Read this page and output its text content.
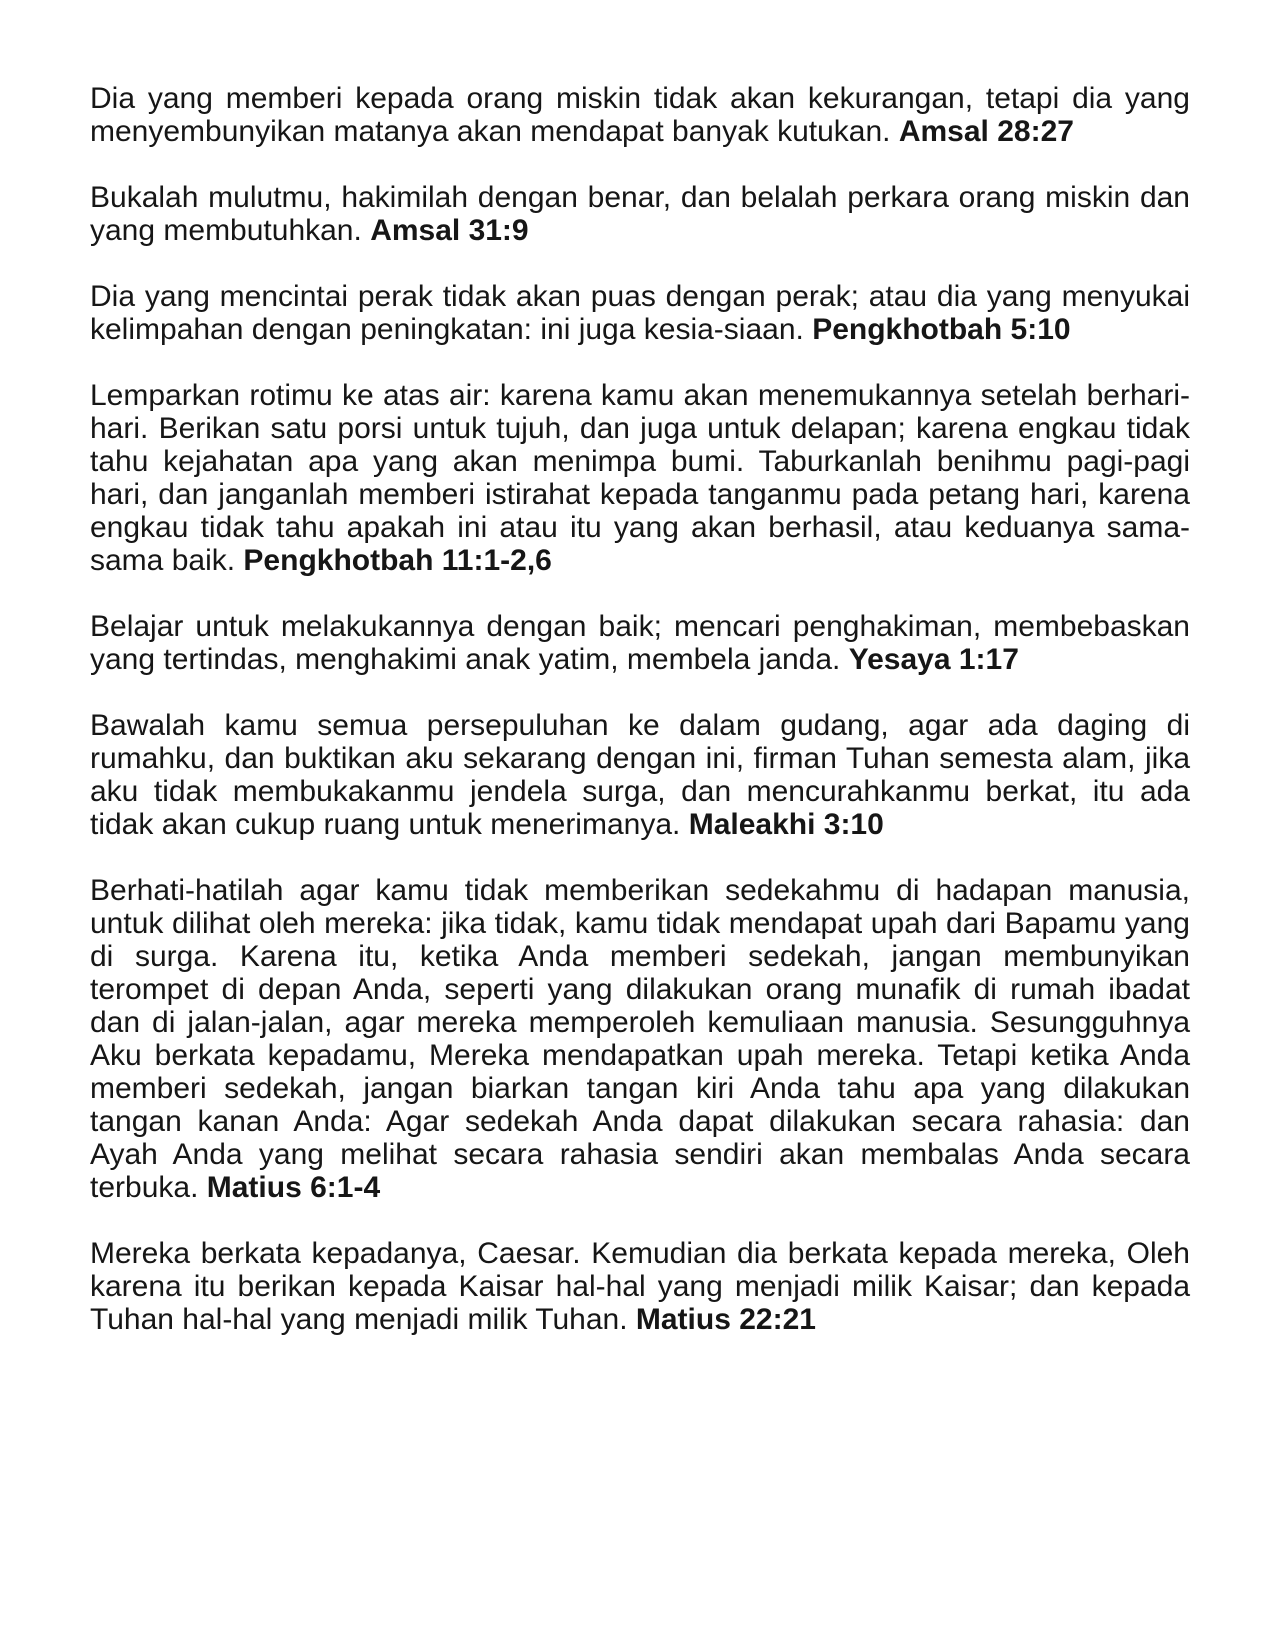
Dia yang memberi kepada orang miskin tidak akan kekurangan, tetapi dia yang menyembunyikan matanya akan mendapat banyak kutukan. Amsal 28:27

Bukalah mulutmu, hakimilah dengan benar, dan belalah perkara orang miskin dan yang membutuhkan. Amsal 31:9

Dia yang mencintai perak tidak akan puas dengan perak; atau dia yang menyukai kelimpahan dengan peningkatan: ini juga kesia-siaan. Pengkhotbah 5:10

Lemparkan rotimu ke atas air: karena kamu akan menemukannya setelah berhari-hari. Berikan satu porsi untuk tujuh, dan juga untuk delapan; karena engkau tidak tahu kejahatan apa yang akan menimpa bumi. Taburkanlah benihmu pagi-pagi hari, dan janganlah memberi istirahat kepada tanganmu pada petang hari, karena engkau tidak tahu apakah ini atau itu yang akan berhasil, atau keduanya sama-sama baik. Pengkhotbah 11:1-2,6

Belajar untuk melakukannya dengan baik; mencari penghakiman, membebaskan yang tertindas, menghakimi anak yatim, membela janda. Yesaya 1:17

Bawalah kamu semua persepuluhan ke dalam gudang, agar ada daging di rumahku, dan buktikan aku sekarang dengan ini, firman Tuhan semesta alam, jika aku tidak membukakanmu jendela surga, dan mencurahkanmu berkat, itu ada tidak akan cukup ruang untuk menerimanya. Maleakhi 3:10

Berhati-hatilah agar kamu tidak memberikan sedekahmu di hadapan manusia, untuk dilihat oleh mereka: jika tidak, kamu tidak mendapat upah dari Bapamu yang di surga. Karena itu, ketika Anda memberi sedekah, jangan membunyikan terompet di depan Anda, seperti yang dilakukan orang munafik di rumah ibadat dan di jalan-jalan, agar mereka memperoleh kemuliaan manusia. Sesungguhnya Aku berkata kepadamu, Mereka mendapatkan upah mereka. Tetapi ketika Anda memberi sedekah, jangan biarkan tangan kiri Anda tahu apa yang dilakukan tangan kanan Anda: Agar sedekah Anda dapat dilakukan secara rahasia: dan Ayah Anda yang melihat secara rahasia sendiri akan membalas Anda secara terbuka. Matius 6:1-4

Mereka berkata kepadanya, Caesar. Kemudian dia berkata kepada mereka, Oleh karena itu berikan kepada Kaisar hal-hal yang menjadi milik Kaisar; dan kepada Tuhan hal-hal yang menjadi milik Tuhan. Matius 22:21
